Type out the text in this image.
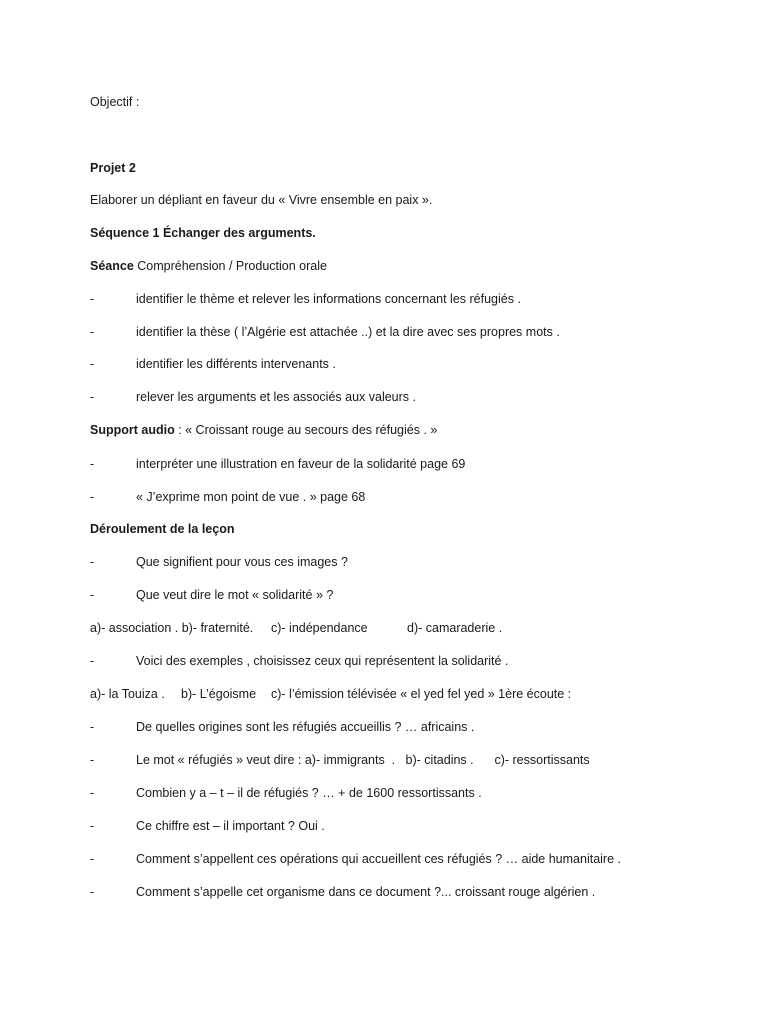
Objectif :
Projet 2
Elaborer un dépliant en faveur du « Vivre ensemble en paix ».
Séquence 1 Échanger des arguments.
Séance Compréhension / Production orale
-	identifier le thème et relever les informations concernant les réfugiés .
-	identifier la thèse ( l’Algérie est attachée ..) et la dire avec ses propres mots .
-	identifier les différents intervenants .
-	relever les arguments et les associés aux valeurs .
Support audio : « Croissant rouge au secours des réfugiés . »
-	interpréter une illustration en faveur de la solidarité page 69
-	« J’exprime mon point de vue . » page 68
Déroulement de la leçon
-	Que signifient pour vous ces images ?
-	Que veut dire le mot « solidarité » ?
a)- association . b)- fraternité. c)- indépendance	d)- camaraderie .
-	Voici des exemples , choisissez ceux qui représentent la solidarité .
a)- la Touiza . b)- L’égoisme c)- l’émission télévisée « el yed fel yed » 1ère écoute :
-	De quelles origines sont les réfugiés accueillis ? … africains .
-	Le mot « réfugiés » veut dire : a)- immigrants  .   b)- citadins .      c)- ressortissants
-	Combien y a – t – il de réfugiés ? … + de 1600 ressortissants .
-	Ce chiffre est – il important ? Oui .
-	Comment s’appellent ces opérations qui accueillent ces réfugiés ? … aide humanitaire .
-	Comment s’appelle cet organisme dans ce document ?... croissant rouge algérien .
